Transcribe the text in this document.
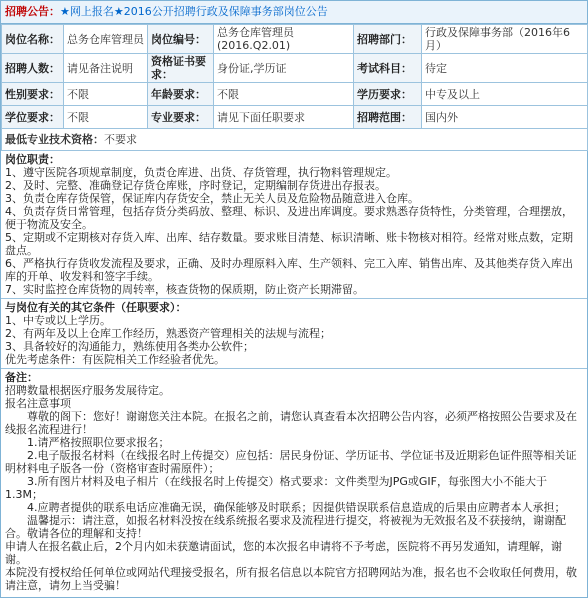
招聘公告：★网上报名★2016公开招聘行政及保障事务部岗位公告
岗位名称：	总务仓库管理员	岗位编号：	总务仓库管理员(2016.Q2.01)	招聘部门：	行政及保障事务部（2016年6月）
招聘人数：	请见备注说明	资格证书要求：	身份证,学历证	考试科目：	待定
性别要求：	不限	年龄要求：	不限	学历要求：	中专及以上
学位要求：	不限	专业要求：	请见下面任职要求	招聘范围：	国内外
最低专业技术资格：不要求					
岗位职责：

1、遵守医院各项规章制度，负责仓库进、出货、存货管理，执行物料管理规定。

2、及时、完整、准确登记存货仓库账，序时登记，定期编制存货进出存报表。

3、负责仓库存货保管，保证库内存货安全，禁止无关人员及危险物品随意进入仓库。

4、负责存货日常管理，包括存货分类码放、整理、标识、及进出库调度。要求熟悉存货特性，分类管理，合理摆放，便于物流及安全。

5、定期或不定期核对存货入库、出库、结存数量。要求账目清楚、标识清晰、账卡物核对相符。经常对账点数，定期盘点。

6、严格执行存货收发流程及要求，正确、及时办理原料入库、生产领料、完工入库、销售出库、及其他类存货入库出库的开单、收发料和签字手续。

7、实时监控仓库货物的周转率，核查货物的保质期，防止资产长期滞留。

与岗位有关的其它条件（任职要求）：

1、中专或以上学历。

2、有两年及以上仓库工作经历，熟悉资产管理相关的法规与流程；

3、具备较好的沟通能力，熟练使用各类办公软件；

优先考虑条件：有医院相关工作经验者优先。

备注：

招聘数量根据医疗服务发展待定。

报名注意事项

　　尊敬的阁下：您好！谢谢您关注本院。在报名之前，请您认真查看本次招聘公告内容，必须严格按照公告要求及在线报名流程进行！

　　1.请严格按照职位要求报名；

　　2.电子版报名材料（在线报名时上传提交）应包括：居民身份证、学历证书、学位证书及近期彩色证件照等相关证明材料电子版各一份（资格审查时需原件）；

　　3.所有图片材料及电子相片（在线报名时上传提交）格式要求：文件类型为JPG或GIF，每张图大小不能大于1.3M；

　　4.应聘者提供的联系电话应准确无误，确保能够及时联系；因提供错误联系信息造成的后果由应聘者本人承担；

　　温馨提示：请注意，如报名材料没按在线系统报名要求及流程进行提交，将被视为无效报名及不获接纳，谢谢配合。敬请各位的理解和支持！

申请人在报名截止后，2个月内如未获邀请面试，您的本次报名申请将不予考虑，医院将不再另发通知，请理解，谢谢。

本院没有授权给任何单位或网站代理接受报名，所有报名信息以本院官方招聘网站为准，报名也不会收取任何费用，敬请注意，请勿上当受骗！
